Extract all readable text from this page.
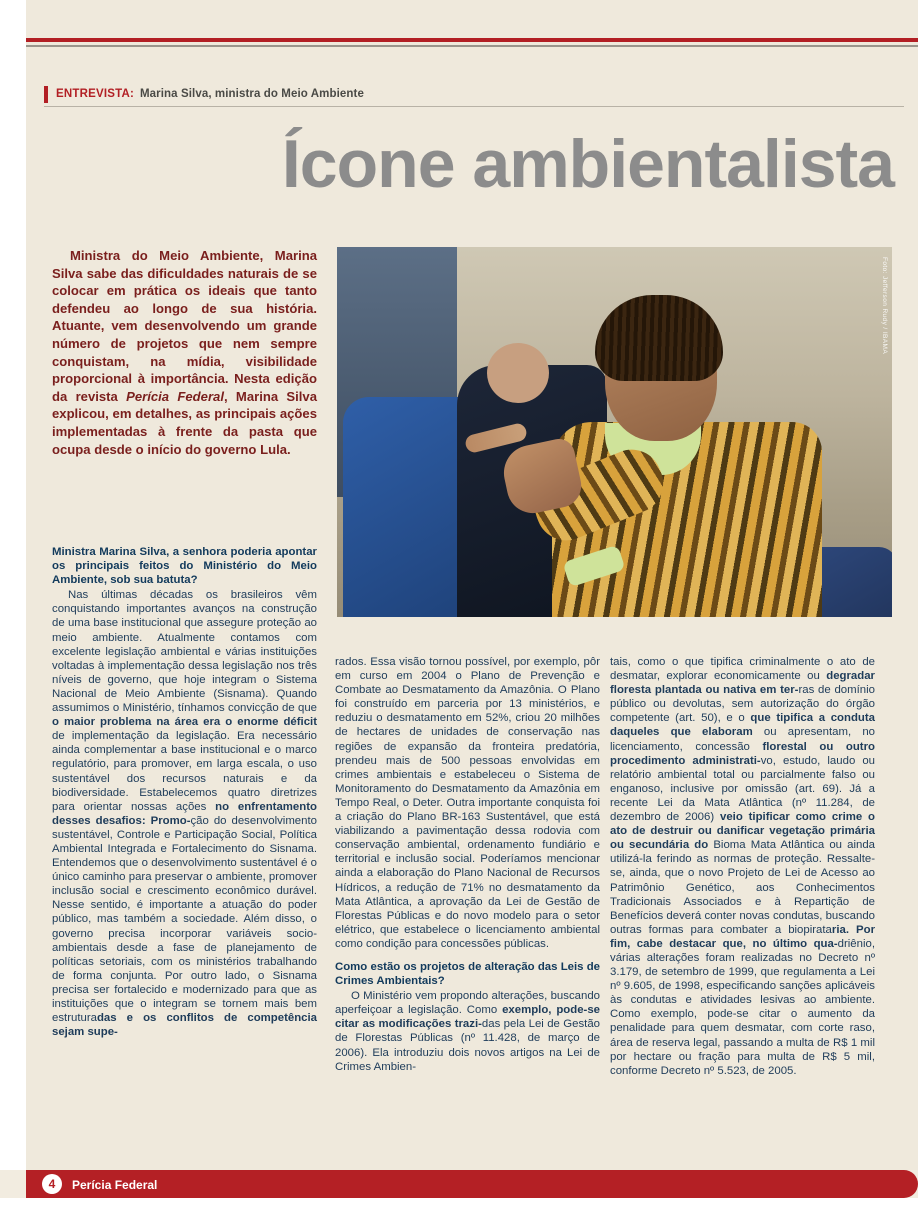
ENTREVISTA: Marina Silva, ministra do Meio Ambiente
Ícone ambientalista
Ministra do Meio Ambiente, Marina Silva sabe das dificuldades naturais de se colocar em prática os ideais que tanto defendeu ao longo de sua história. Atuante, vem desenvolvendo um grande número de projetos que nem sempre conquistam, na mídia, visibilidade proporcional à importância. Nesta edição da revista Perícia Federal, Marina Silva explicou, em detalhes, as principais ações implementadas à frente da pasta que ocupa desde o início do governo Lula.
Foto: Jefferson Rudy / IBAMA

Ministra Marina Silva, a senhora poderia apontar os principais feitos do Ministério do Meio Ambiente, sob sua batuta?

Nas últimas décadas os brasileiros vêm conquistando importantes avanços na construção de uma base institucional que assegure proteção ao meio ambiente. Atualmente contamos com excelente legislação ambiental e várias instituições voltadas à implementação dessa legislação nos três níveis de governo, que hoje integram o Sistema Nacional de Meio Ambiente (Sisnama). Quando assumimos o Ministério, tínhamos convicção de que o maior problema na área era o enorme déficit de implementação da legislação. Era necessário ainda complementar a base institucional e o marco regulatório, para promover, em larga escala, o uso sustentável dos recursos naturais e da biodiversidade. Estabelecemos quatro diretrizes para orientar nossas ações no enfrentamento desses desafios: Promo-ção do desenvolvimento sustentável, Controle e Participação Social, Política Ambiental Integrada e Fortalecimento do Sisnama. Entendemos que o desenvolvimento sustentável é o único caminho para preservar o ambiente, promover inclusão social e crescimento econômico durável. Nesse sentido, é importante a atuação do poder público, mas também a sociedade. Além disso, o governo precisa incorporar variáveis socio-ambientais desde a fase de planejamento de políticas setoriais, com os ministérios trabalhando de forma conjunta. Por outro lado, o Sisnama precisa ser fortalecido e modernizado para que as instituições que o integram se tornem mais bem estruturadas e os conflitos de competência sejam supe-

rados. Essa visão tornou possível, por exemplo, pôr em curso em 2004 o Plano de Prevenção e Combate ao Desmatamento da Amazônia. O Plano foi construído em parceria por 13 ministérios, e reduziu o desmatamento em 52%, criou 20 milhões de hectares de unidades de conservação nas regiões de expansão da fronteira predatória, prendeu mais de 500 pessoas envolvidas em crimes ambientais e estabeleceu o Sistema de Monitoramento do Desmatamento da Amazônia em Tempo Real, o Deter. Outra importante conquista foi a criação do Plano BR-163 Sustentável, que está viabilizando a pavimentação dessa rodovia com conservação ambiental, ordenamento fundiário e territorial e inclusão social. Poderíamos mencionar ainda a elaboração do Plano Nacional de Recursos Hídricos, a redução de 71% no desmatamento da Mata Atlântica, a aprovação da Lei de Gestão de Florestas Públicas e do novo modelo para o setor elétrico, que estabelece o licenciamento ambiental como condição para concessões públicas.

Como estão os projetos de alteração das Leis de Crimes Ambientais?

O Ministério vem propondo alterações, buscando aperfeiçoar a legislação. Como exemplo, pode-se citar as modificações trazi-das pela Lei de Gestão de Florestas Públicas (nº 11.428, de março de 2006). Ela introduziu dois novos artigos na Lei de Crimes Ambien-

tais, como o que tipifica criminalmente o ato de desmatar, explorar economicamente ou degradar floresta plantada ou nativa em ter-ras de domínio público ou devolutas, sem autorização do órgão competente (art. 50), e o que tipifica a conduta daqueles que elaboram ou apresentam, no licenciamento, concessão florestal ou outro procedimento administrati-vo, estudo, laudo ou relatório ambiental total ou parcialmente falso ou enganoso, inclusive por omissão (art. 69). Já a recente Lei da Mata Atlântica (nº 11.284, de dezembro de 2006) veio tipificar como crime o ato de destruir ou danificar vegetação primária ou secundária do Bioma Mata Atlântica ou ainda utilizá-la ferindo as normas de proteção. Ressalte-se, ainda, que o novo Projeto de Lei de Acesso ao Patrimônio Genético, aos Conhecimentos Tradicionais Associados e à Repartição de Benefícios deverá conter novas condutas, buscando outras formas para combater a biopirataria. Por fim, cabe destacar que, no último qua-driênio, várias alterações foram realizadas no Decreto nº 3.179, de setembro de 1999, que regulamenta a Lei nº 9.605, de 1998, especificando sanções aplicáveis às condutas e atividades lesivas ao ambiente. Como exemplo, pode-se citar o aumento da penalidade para quem desmatar, com corte raso, área de reserva legal, passando a multa de R$ 1 mil por hectare ou fração para multa de R$ 5 mil, conforme Decreto nº 5.523, de 2005.

4	Perícia Federal
